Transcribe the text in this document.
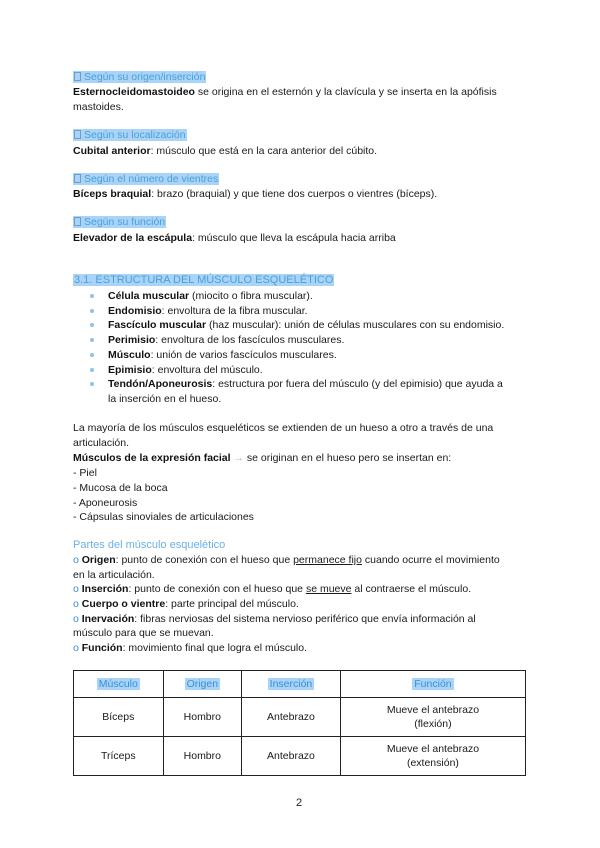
Según su origen/inserción
Esternocleidomastoideo se origina en el esternón y la clavícula y se inserta en la apófisis
mastoides.
Según su localización
Cubital anterior: músculo que está en la cara anterior del cúbito.
Según el número de vientres
Bíceps braquial: brazo (braquial) y que tiene dos cuerpos o vientres (bíceps).
Según su función
Elevador de la escápula: músculo que lleva la escápula hacia arriba
3.1. ESTRUCTURA DEL MÚSCULO ESQUELÉTICO
Célula muscular (miocito o fibra muscular).
Endomisio: envoltura de la fibra muscular.
Fascículo muscular (haz muscular): unión de células musculares con su endomisio.
Perimisio: envoltura de los fascículos musculares.
Músculo: unión de varios fascículos musculares.
Epimisio: envoltura del músculo.
Tendón/Aponeurosis: estructura por fuera del músculo (y del epimisio) que ayuda a
la inserción en el hueso.
La mayoría de los músculos esqueléticos se extienden de un hueso a otro a través de una
articulación.
Músculos de la expresión facial → se originan en el hueso pero se insertan en:
- Piel
- Mucosa de la boca
- Aponeurosis
- Cápsulas sinoviales de articulaciones
Partes del músculo esquelético
o Origen: punto de conexión con el hueso que permanece fijo cuando ocurre el movimiento
en la articulación.
o Inserción: punto de conexión con el hueso que se mueve al contraerse el músculo.
o Cuerpo o vientre: parte principal del músculo.
o Inervación: fibras nerviosas del sistema nervioso periférico que envía información al
músculo para que se muevan.
o Función: movimiento final que logra el músculo.
Músculo	Origen	Inserción	Función
Bíceps	Hombro	Antebrazo	Mueve el antebrazo
(flexión)
Tríceps	Hombro	Antebrazo	Mueve el antebrazo
(extensión)
2
